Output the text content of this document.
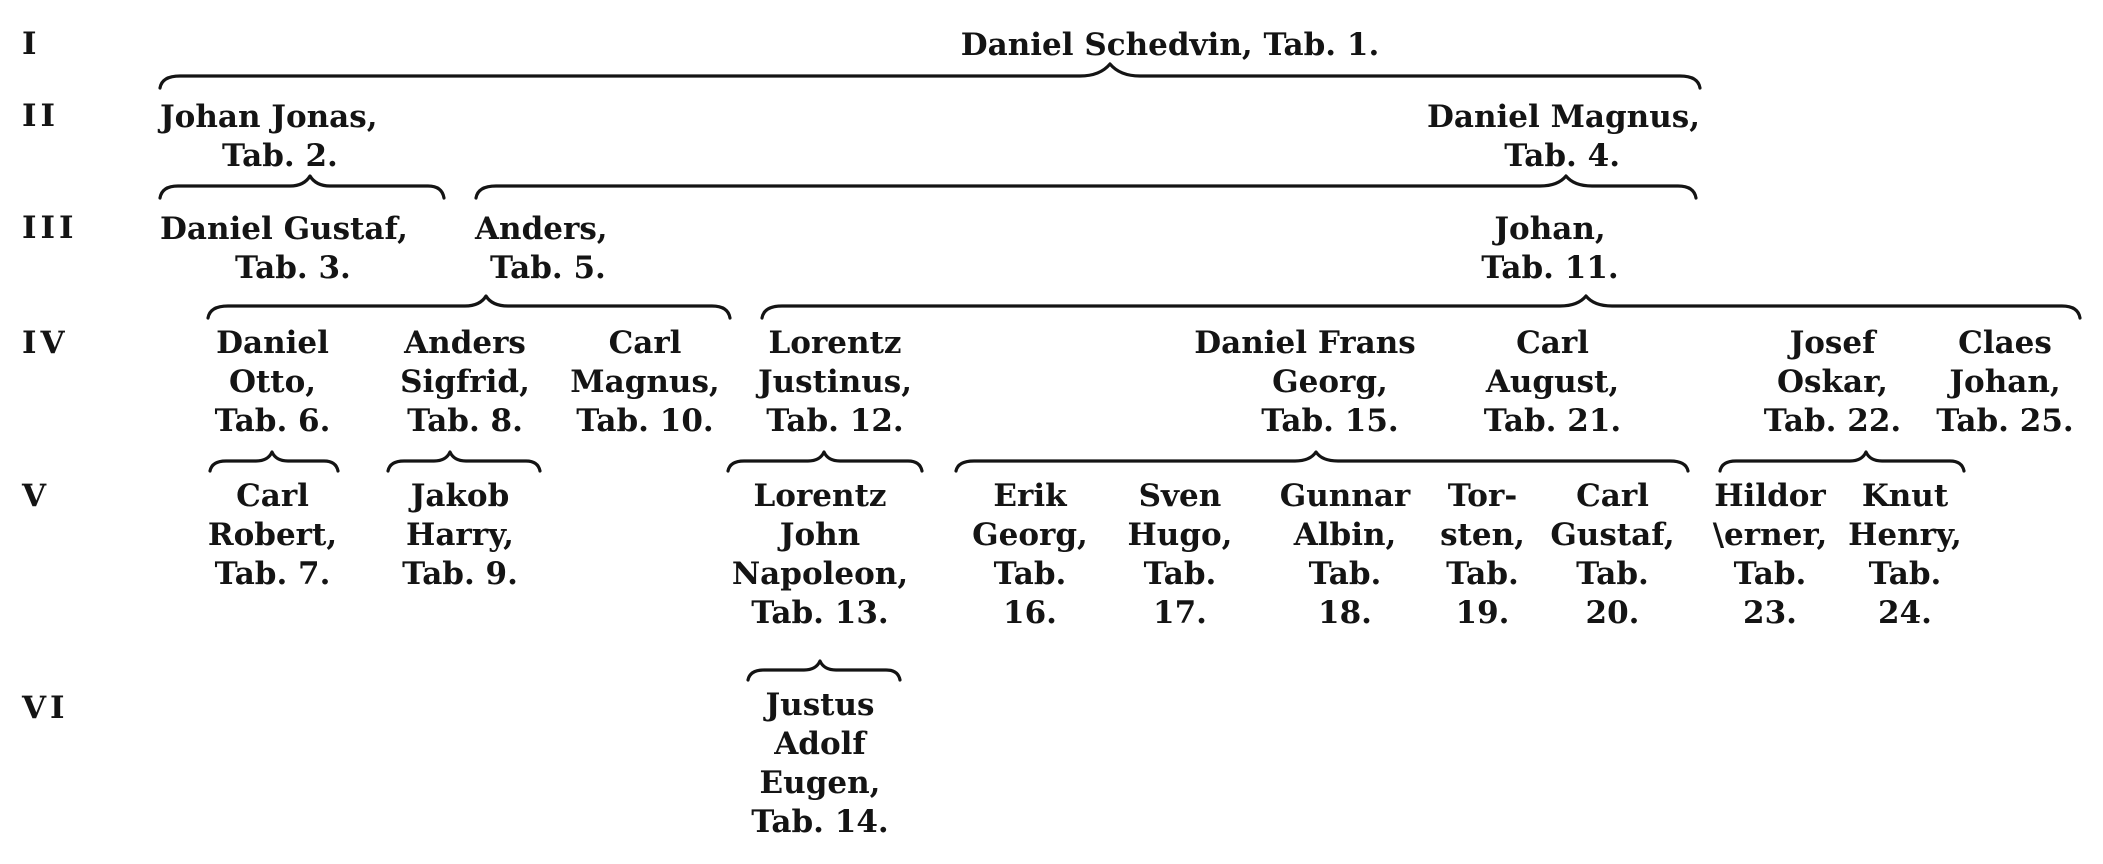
I
II
III
IV
V
VI
Daniel Schedvin, Tab. 1.
Johan Jonas,
Tab. 2.
Daniel Magnus,
Tab. 4.
Daniel Gustaf,
Tab. 3.
Anders,
Tab. 5.
Johan,
Tab. 11.
Daniel
Otto,
Tab. 6.
Anders
Sigfrid,
Tab. 8.
Carl
Magnus,
Tab. 10.
Lorentz
Justinus,
Tab. 12.
Daniel Frans
Georg,
Tab. 15.
Carl
August,
Tab. 21.
Josef
Oskar,
Tab. 22.
Claes
Johan,
Tab. 25.
Carl
Robert,
Tab. 7.
Jakob
Harry,
Tab. 9.
Lorentz
John
Napoleon,
Tab. 13.
Erik
Georg,
Tab.
16.
Sven
Hugo,
Tab.
17.
Gunnar
Albin,
Tab.
18.
Tor-
sten,
Tab.
19.
Carl
Gustaf,
Tab.
20.
Hildor
\erner,
Tab.
23.
Knut
Henry,
Tab.
24.
Justus
Adolf
Eugen,
Tab. 14.
